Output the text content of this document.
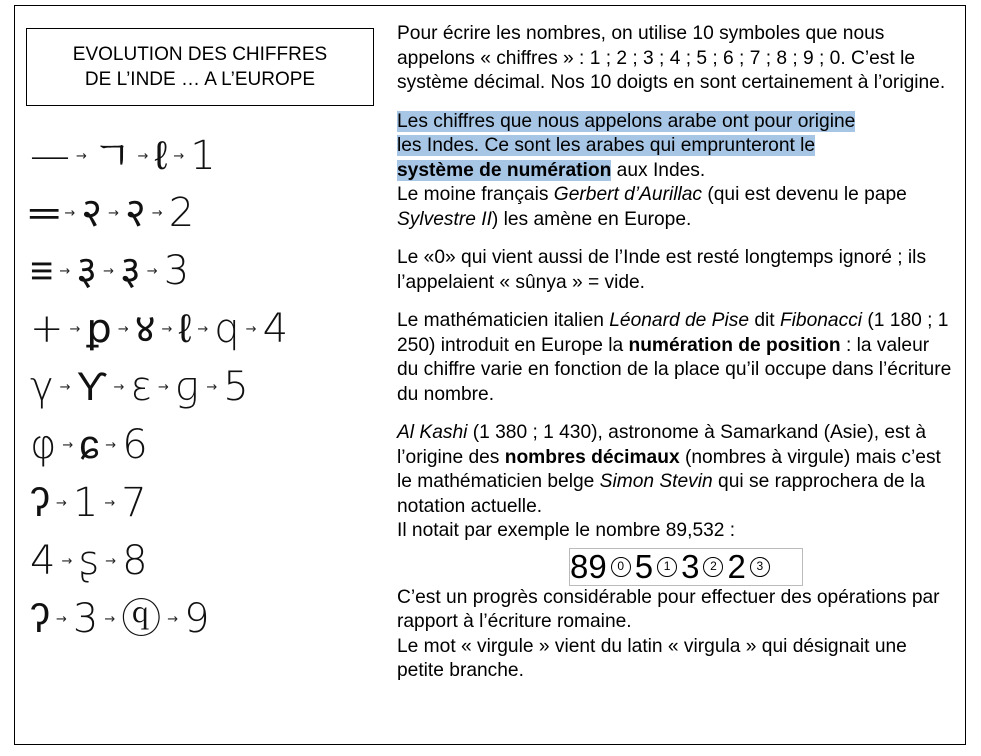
EVOLUTION DES CHIFFRES
DE L’INDE … A L’EUROPE
— → ㄱ → ℓ → 1
═ → २ → २ → 2
≡ → ३ → ३ → 3
+ → ꝑ → ४ → ℓ → q → 4
γ → ϒ → ɛ → ɡ → 5
φ → ɕ → 6
ʔ → 1 → 7
4 → ʂ → 8
ʔ → 3 → ⓠ → 9

Pour écrire les nombres, on utilise 10 symboles que nous appelons « chiffres » : 1 ; 2 ; 3 ; 4 ; 5 ; 6 ; 7 ; 8 ; 9 ; 0. C’est le système décimal. Nos 10 doigts en sont certainement à l’origine.

Les chiffres que nous appelons arabe ont pour origine
les Indes. Ce sont les arabes qui emprunteront le
système de numération aux Indes.
Le moine français Gerbert d’Aurillac (qui est devenu le pape Sylvestre II) les amène en Europe.

Le «0» qui vient aussi de l’Inde est resté longtemps ignoré ; ils l’appelaient « sûnya » = vide.

Le mathématicien italien Léonard de Pise dit Fibonacci (1 180 ; 1 250) introduit en Europe la numération de position : la valeur du chiffre varie en fonction de la place qu’il occupe dans l’écriture du nombre.

Al Kashi (1 380 ; 1 430), astronome à Samarkand (Asie), est à l’origine des nombres décimaux (nombres à virgule) mais c’est le mathématicien belge Simon Stevin qui se rapprochera de la notation actuelle.
Il notait par exemple le nombre 89,532 :

89 0 5 1 3 2 2 3

C’est un progrès considérable pour effectuer des opérations par rapport à l’écriture romaine.

Le mot « virgule » vient du latin « virgula » qui désignait une petite branche.
